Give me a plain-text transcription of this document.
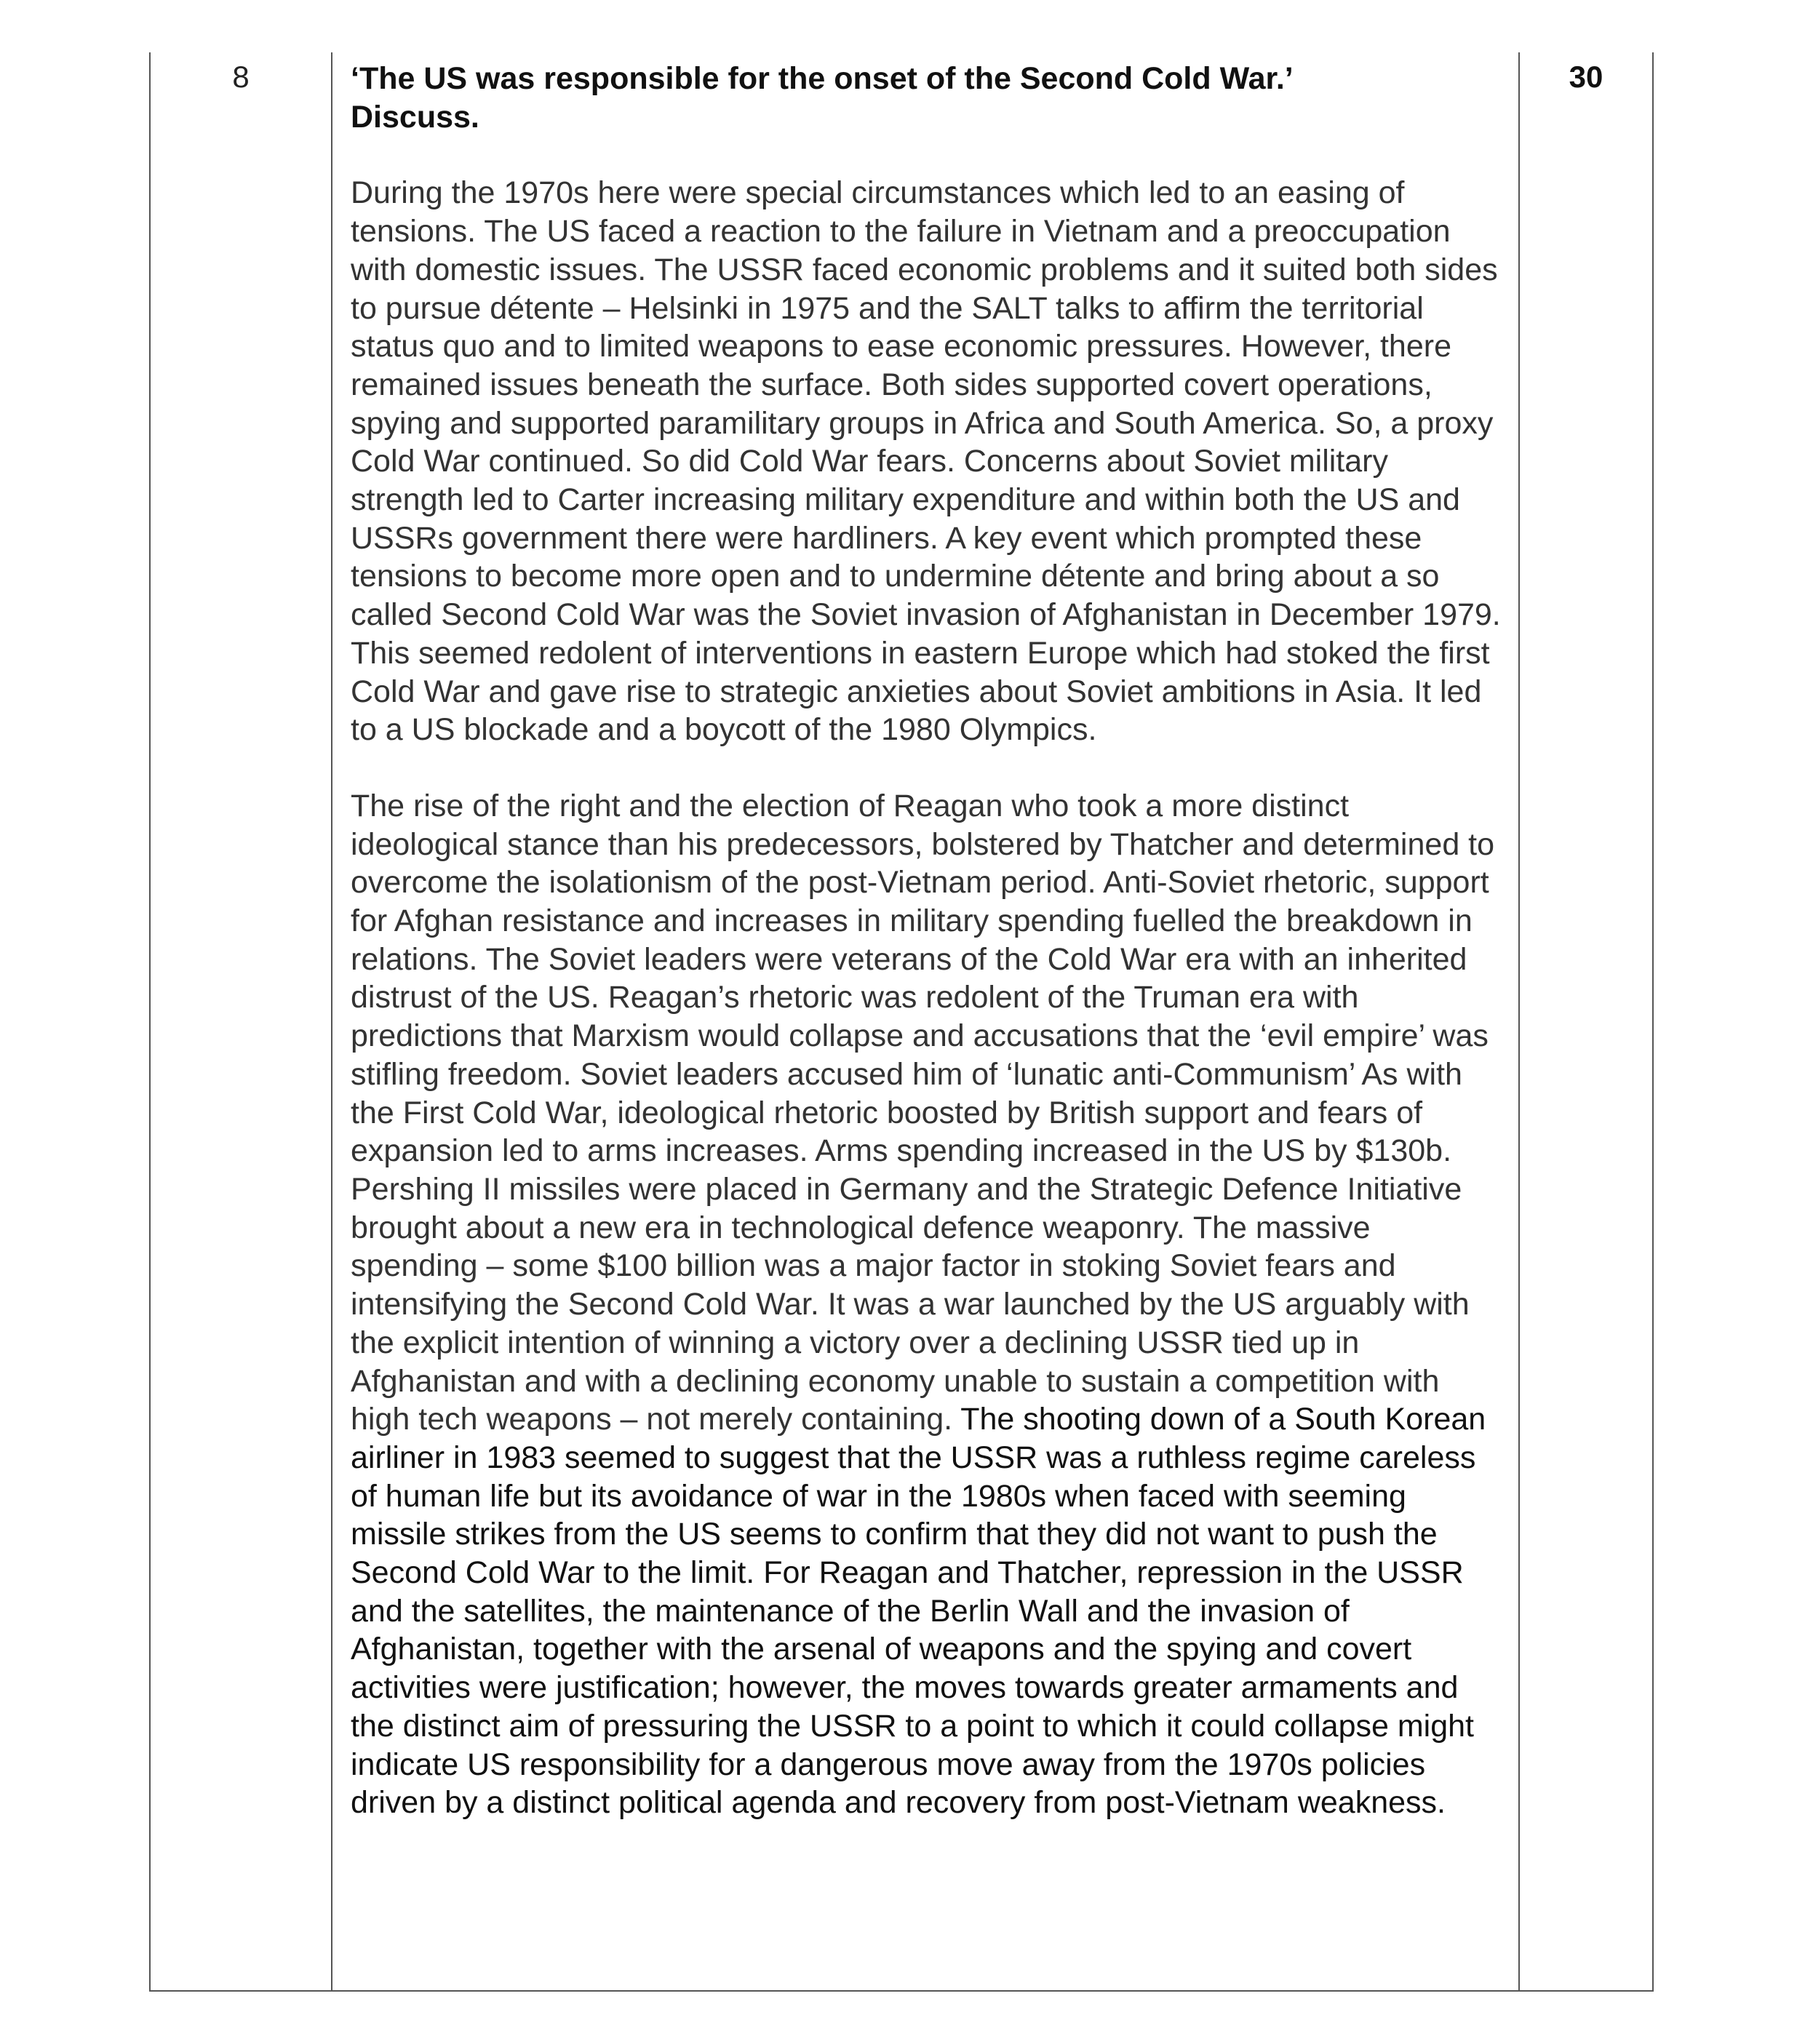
8	‘The US was responsible for the onset of the Second Cold War.’
Discuss.

During the 1970s here were special circumstances which led to an easing of tensions. The US faced a reaction to the failure in Vietnam and a preoccupation with domestic issues. The USSR faced economic problems and it suited both sides to pursue détente – Helsinki in 1975 and the SALT talks to affirm the territorial status quo and to limited weapons to ease economic pressures. However, there remained issues beneath the surface. Both sides supported covert operations, spying and supported paramilitary groups in Africa and South America. So, a proxy Cold War continued. So did Cold War fears. Concerns about Soviet military strength led to Carter increasing military expenditure and within both the US and USSRs government there were hardliners. A key event which prompted these tensions to become more open and to undermine détente and bring about a so called Second Cold War was the Soviet invasion of Afghanistan in December 1979. This seemed redolent of interventions in eastern Europe which had stoked the first Cold War and gave rise to strategic anxieties about Soviet ambitions in Asia. It led to a US blockade and a boycott of the 1980 Olympics.

The rise of the right and the election of Reagan who took a more distinct ideological stance than his predecessors, bolstered by Thatcher and determined to overcome the isolationism of the post-Vietnam period. Anti-Soviet rhetoric, support for Afghan resistance and increases in military spending fuelled the breakdown in relations. The Soviet leaders were veterans of the Cold War era with an inherited distrust of the US. Reagan’s rhetoric was redolent of the Truman era with predictions that Marxism would collapse and accusations that the ‘evil empire’ was stifling freedom. Soviet leaders accused him of ‘lunatic anti-Communism’ As with the First Cold War, ideological rhetoric boosted by British support and fears of expansion led to arms increases. Arms spending increased in the US by $130b. Pershing II missiles were placed in Germany and the Strategic Defence Initiative brought about a new era in technological defence weaponry. The massive spending – some $100 billion was a major factor in stoking Soviet fears and intensifying the Second Cold War. It was a war launched by the US arguably with the explicit intention of winning a victory over a declining USSR tied up in Afghanistan and with a declining economy unable to sustain a competition with high tech weapons – not merely containing. The shooting down of a South Korean airliner in 1983 seemed to suggest that the USSR was a ruthless regime careless of human life but its avoidance of war in the 1980s when faced with seeming missile strikes from the US seems to confirm that they did not want to push the Second Cold War to the limit. For Reagan and Thatcher, repression in the USSR and the satellites, the maintenance of the Berlin Wall and the invasion of Afghanistan, together with the arsenal of weapons and the spying and covert activities were justification; however, the moves towards greater armaments and the distinct aim of pressuring the USSR to a point to which it could collapse might indicate US responsibility for a dangerous move away from the 1970s policies driven by a distinct political agenda and recovery from post-Vietnam weakness.

30
